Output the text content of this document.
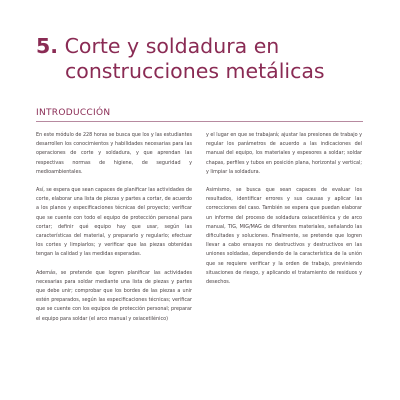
5. Corte y soldadura en
construcciones metálicas
INTRODUCCIÓN

En este módulo de 228 horas se busca que los y las estudiantes desarrollen los conocimientos y habilidades necesarias para las operaciones de corte y soldadura, y que aprendan las respectivas normas de higiene, de seguridad y medioambientales.

Así, se espera que sean capaces de planificar las actividades de corte, elaborar una lista de piezas y partes a cortar, de acuerdo a los planos y especificaciones técnicas del proyecto; verificar que se cuente con todo el equipo de protección personal para cortar; definir qué equipo hay que usar, según las características del material, y prepararlo y regularlo; efectuar los cortes y limpiarlos; y verificar que las piezas obtenidas tengan la calidad y las medidas esperadas.

Además, se pretende que logren planificar las actividades necesarias para soldar mediante una lista de piezas y partes que debe unir; comprobar que los bordes de las piezas a unir estén preparados, según las especificaciones técnicas; verificar que se cuente con los equipos de protección personal; preparar el equipo para soldar (el arco manual y oxiacetilénico)

y el lugar en que se trabajará; ajustar las presiones de trabajo y regular los parámetros de acuerdo a las indicaciones del manual del equipo, los materiales y espesores a soldar; soldar chapas, perfiles y tubos en posición plana, horizontal y vertical; y limpiar la soldadura.

Asimismo, se busca que sean capaces de evaluar los resultados, identificar errores y sus causas y aplicar las correcciones del caso. También se espera que puedan elaborar un informe del proceso de soldadura oxiacetilénica y de arco manual, TIG, MIG/MAG de diferentes materiales, señalando las dificultades y soluciones. Finalmente, se pretende que logren llevar a cabo ensayos no destructivos y destructivos en las uniones soldadas, dependiendo de la característica de la unión que se requiere verificar y la orden de trabajo, previniendo situaciones de riesgo, y aplicando el tratamiento de residuos y desechos.
